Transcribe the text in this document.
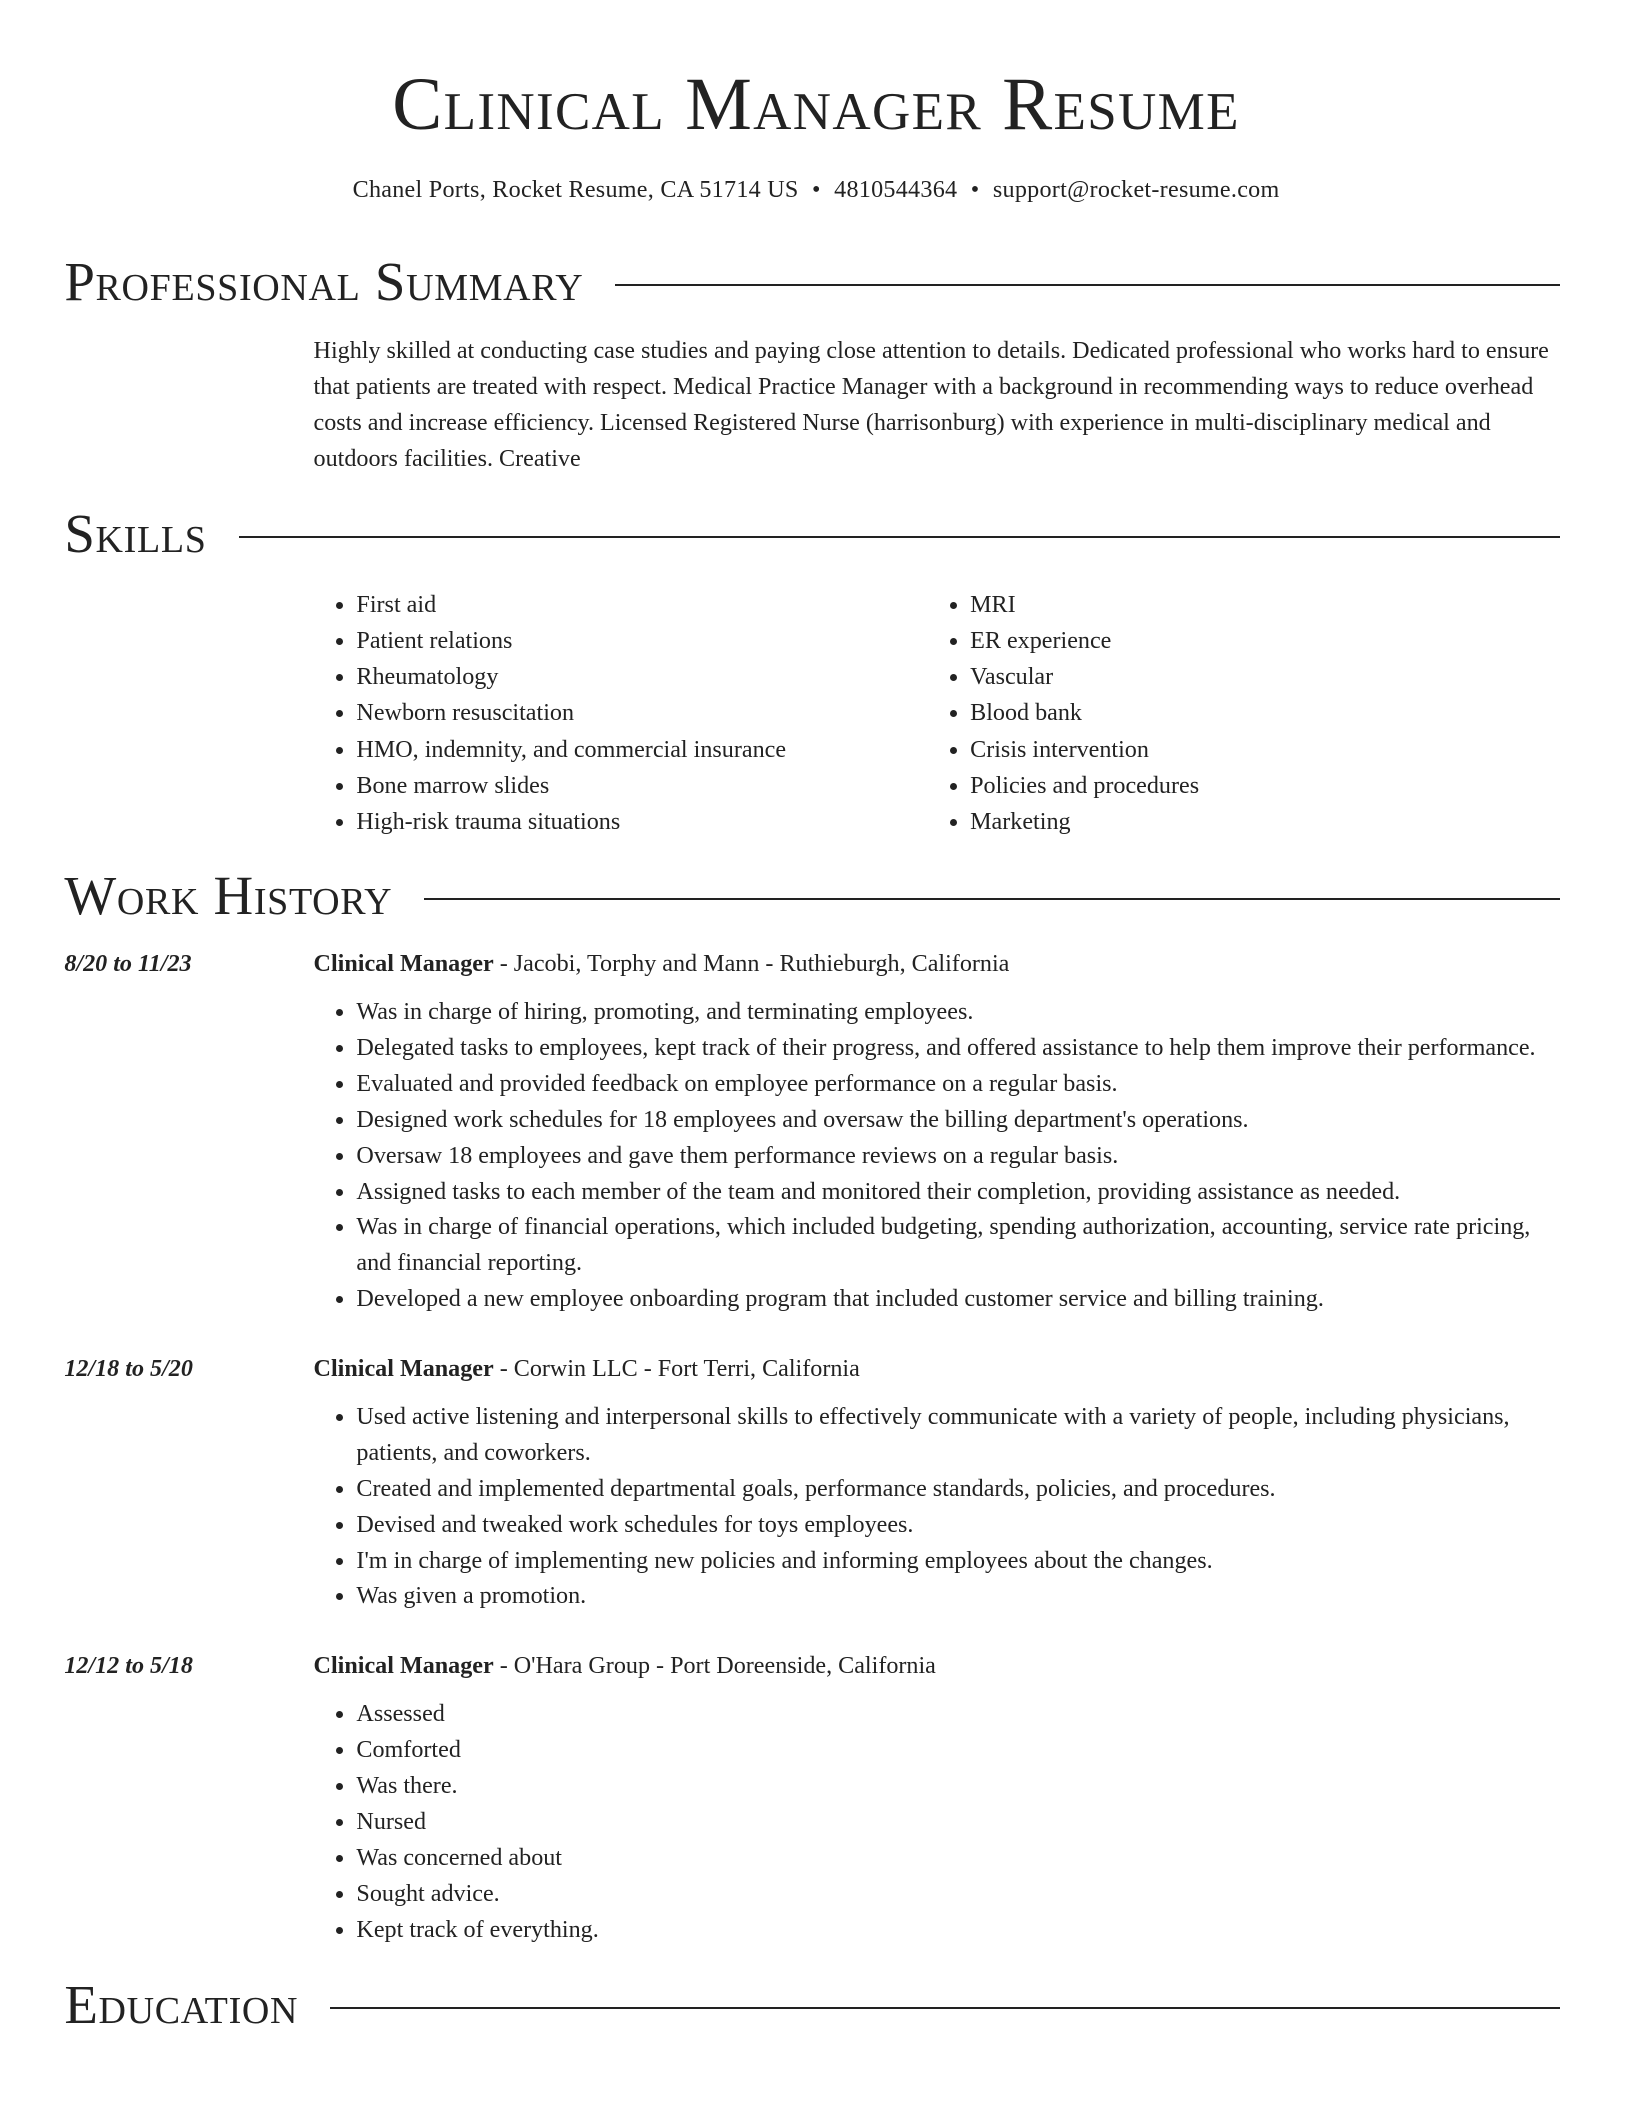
Clinical Manager Resume
Chanel Ports, Rocket Resume, CA 51714 US • 4810544364 • support@rocket-resume.com
Professional Summary

Highly skilled at conducting case studies and paying close attention to details. Dedicated professional who works hard to ensure that patients are treated with respect. Medical Practice Manager with a background in recommending ways to reduce overhead costs and increase efficiency. Licensed Registered Nurse (harrisonburg) with experience in multi-disciplinary medical and outdoors facilities. Creative

Skills
• First aid
• Patient relations
• Rheumatology
• Newborn resuscitation
• HMO, indemnity, and commercial insurance
• Bone marrow slides
• High-risk trauma situations
• MRI
• ER experience
• Vascular
• Blood bank
• Crisis intervention
• Policies and procedures
• Marketing
Work History
8/20 to 11/23	Clinical Manager - Jacobi, Torphy and Mann - Ruthieburgh, California
• Was in charge of hiring, promoting, and terminating employees.
• Delegated tasks to employees, kept track of their progress, and offered assistance to help them improve their performance.
• Evaluated and provided feedback on employee performance on a regular basis.
• Designed work schedules for 18 employees and oversaw the billing department's operations.
• Oversaw 18 employees and gave them performance reviews on a regular basis.
• Assigned tasks to each member of the team and monitored their completion, providing assistance as needed.
• Was in charge of financial operations, which included budgeting, spending authorization, accounting, service rate pricing, and financial reporting.
• Developed a new employee onboarding program that included customer service and billing training.
12/18 to 5/20	Clinical Manager - Corwin LLC - Fort Terri, California
• Used active listening and interpersonal skills to effectively communicate with a variety of people, including physicians, patients, and coworkers.
• Created and implemented departmental goals, performance standards, policies, and procedures.
• Devised and tweaked work schedules for toys employees.
• I'm in charge of implementing new policies and informing employees about the changes.
• Was given a promotion.
12/12 to 5/18	Clinical Manager - O'Hara Group - Port Doreenside, California
• Assessed
• Comforted
• Was there.
• Nursed
• Was concerned about
• Sought advice.
• Kept track of everything.
Education
